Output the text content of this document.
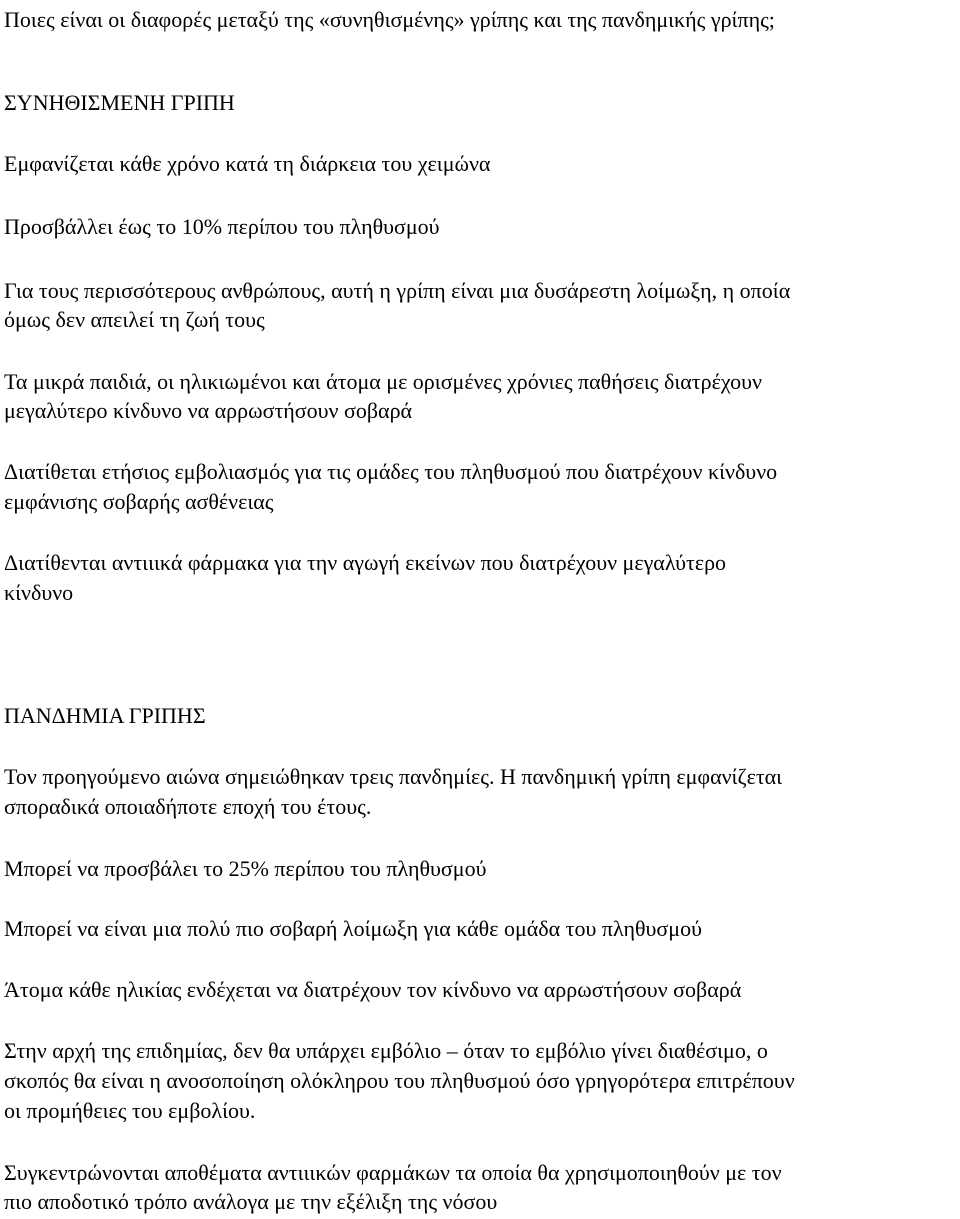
Ποιες είναι οι διαφορές μεταξύ της «συνηθισμένης» γρίπης και της πανδημικής γρίπης;
ΣΥΝΗΘΙΣΜΕΝΗ ΓΡΙΠΗ
Εμφανίζεται κάθε χρόνο κατά τη διάρκεια του χειμώνα
Προσβάλλει έως το 10% περίπου του πληθυσμού
Για τους περισσότερους ανθρώπους, αυτή η γρίπη είναι μια δυσάρεστη λοίμωξη, η οποία
όμως δεν απειλεί τη ζωή τους
Τα μικρά παιδιά, οι ηλικιωμένοι και άτομα με ορισμένες χρόνιες παθήσεις διατρέχουν
μεγαλύτερο κίνδυνο να αρρωστήσουν σοβαρά
Διατίθεται ετήσιος εμβολιασμός για τις ομάδες του πληθυσμού που διατρέχουν κίνδυνο
εμφάνισης σοβαρής ασθένειας
Διατίθενται αντιιικά φάρμακα για την αγωγή εκείνων που διατρέχουν μεγαλύτερο
κίνδυνο
ΠΑΝΔΗΜΙΑ ΓΡΙΠΗΣ
Τον προηγούμενο αιώνα σημειώθηκαν τρεις πανδημίες. Η πανδημική γρίπη εμφανίζεται
σποραδικά οποιαδήποτε εποχή του έτους.
Μπορεί να προσβάλει το 25% περίπου του πληθυσμού
Μπορεί να είναι μια πολύ πιο σοβαρή λοίμωξη για κάθε ομάδα του πληθυσμού
Άτομα κάθε ηλικίας ενδέχεται να διατρέχουν τον κίνδυνο να αρρωστήσουν σοβαρά
Στην αρχή της επιδημίας, δεν θα υπάρχει εμβόλιο – όταν το εμβόλιο γίνει διαθέσιμο, ο
σκοπός θα είναι η ανοσοποίηση ολόκληρου του πληθυσμού όσο γρηγορότερα επιτρέπουν
οι προμήθειες του εμβολίου.
Συγκεντρώνονται αποθέματα αντιιικών φαρμάκων τα οποία θα χρησιμοποιηθούν με τον
πιο αποδοτικό τρόπο ανάλογα με την εξέλιξη της νόσου
